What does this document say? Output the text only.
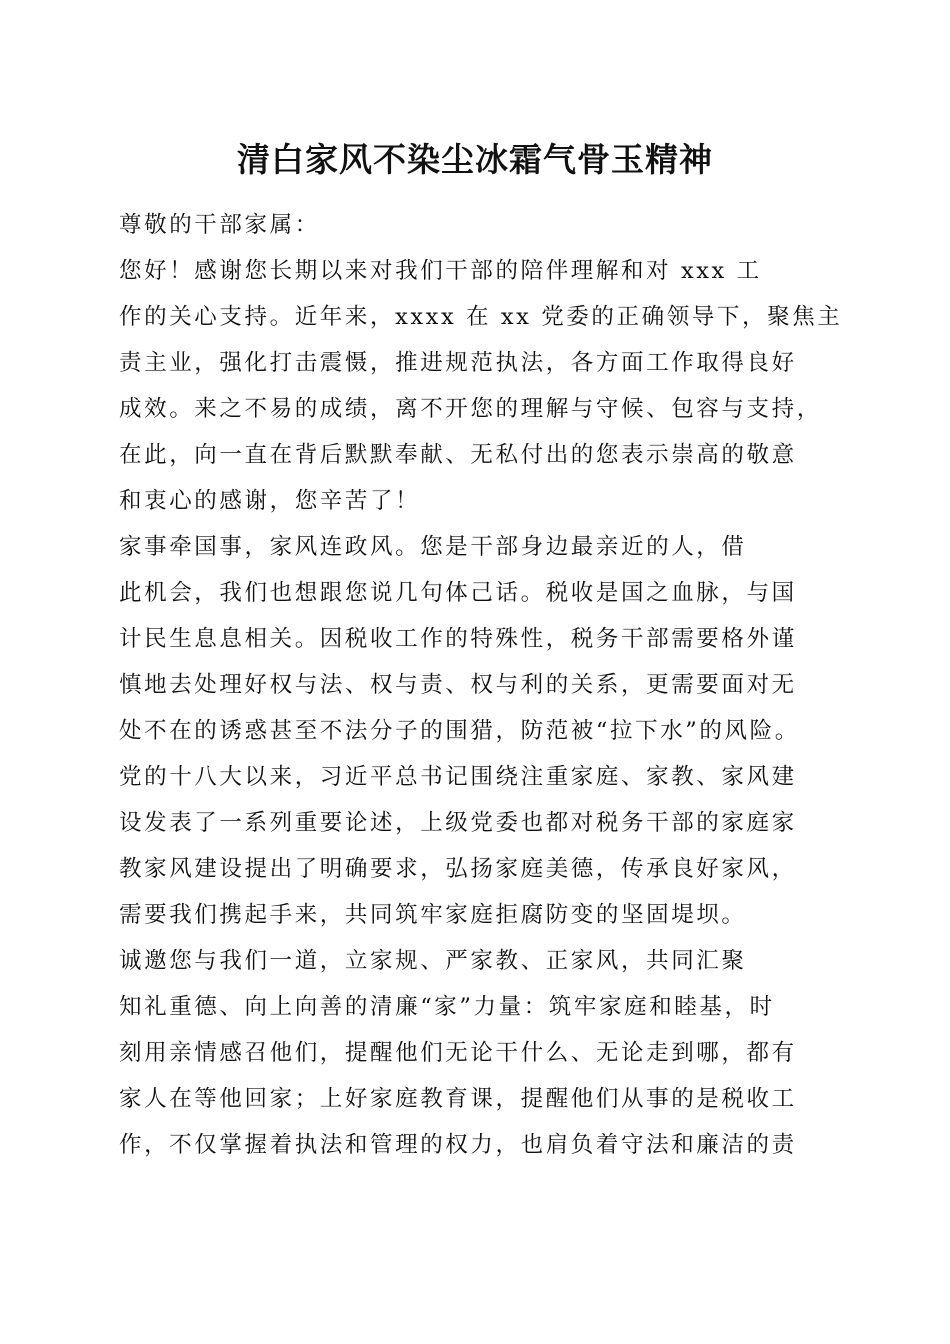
清白家风不染尘冰霜气骨玉精神

尊敬的干部家属：

您好！感谢您长期以来对我们干部的陪伴理解和对 xxx 工
作的关心支持。近年来，xxxx 在 xx 党委的正确领导下，聚焦主
责主业，强化打击震慑，推进规范执法，各方面工作取得良好
成效。来之不易的成绩，离不开您的理解与守候、包容与支持，
在此，向一直在背后默默奉献、无私付出的您表示崇高的敬意
和衷心的感谢，您辛苦了！
家事牵国事，家风连政风。您是干部身边最亲近的人，借
此机会，我们也想跟您说几句体己话。税收是国之血脉，与国
计民生息息相关。因税收工作的特殊性，税务干部需要格外谨
慎地去处理好权与法、权与责、权与利的关系，更需要面对无
处不在的诱惑甚至不法分子的围猎，防范被“拉下水”的风险。
党的十八大以来，习近平总书记围绕注重家庭、家教、家风建
设发表了一系列重要论述，上级党委也都对税务干部的家庭家
教家风建设提出了明确要求，弘扬家庭美德，传承良好家风，
需要我们携起手来，共同筑牢家庭拒腐防变的坚固堤坝。
诚邀您与我们一道，立家规、严家教、正家风，共同汇聚
知礼重德、向上向善的清廉“家”力量：筑牢家庭和睦基，时
刻用亲情感召他们，提醒他们无论干什么、无论走到哪，都有
家人在等他回家；上好家庭教育课，提醒他们从事的是税收工
作，不仅掌握着执法和管理的权力，也肩负着守法和廉洁的责
